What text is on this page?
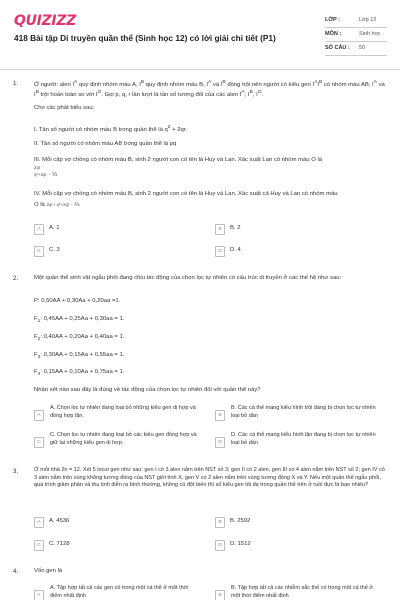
QUIZIZZ
418 Bài tập Di truyền quần thể (Sinh học 12) có lời giải chi tiết (P1)
LỚP :	Lớp 12
MÔN :	Sinh học
SỐ CÂU : 50
1.	Ở người: alen $I^A$ quy định nhóm máu A, $I^B$ quy định nhóm máu B, $I^A$ và $I^B$ đồng trội nên người có kiểu gen $I^AI^B$ có nhóm máu AB; $I^A$ và $I^B$ trội hoàn toàn so với $I^O$. Gọi p, q, r lần lượt là tần số tương đối của các alen $I^A$, $I^B$, $I^O$.
Cho các phát biểu sau:
I. Tần số người có nhóm máu B trong quần thể là $q^2 + 2qr$.
II. Tần số người có nhóm máu AB trong quần thể là pq
III. Mỗi cặp vợ chồng có nhóm máu B, sinh 2 người con có tên là Huy và Lan. Xác suất Lan có nhóm máu O là
2qr
q²+2qr · ¼
IV. Mỗi cặp vợ chồng có nhóm máu B, sinh 2 người con có tên là Huy và Lan. Xác suất cả Huy và Lan có nhóm máu
O là 2qr / q²+2qr · ¼
A	A. 1	B	B. 2
C	C. 3	D	D. 4
2.	Một quần thể sinh vật ngẫu phối đang chịu tác động của chọn lọc tự nhiên có cấu trúc di truyền ở các thế hệ như sau:
P: 0,50AA + 0,30Aa + 0,20aa =1.
$F_1$: 0,45AA + 0,25Aa + 0,30aa = 1.
$F_2$: 0,40AA + 0,20Aa + 0,40aa = 1.
$F_3$: 0,30AA + 0,15Aa + 0,55aa = 1.
$F_4$: 0,15AA + 0,10Aa + 0,75aa = 1.
Nhận xét nào sau đây là đúng về tác động của chọn lọc tự nhiên đối với quần thể này?
A
A. Chọn lọc tự nhiên đang loại bỏ những kiểu gen dị hợp và đồng hợp lặn.	B
B. Các cá thể mang kiểu hình trội đang bị chọn lọc tự nhiên loại bỏ dần
C
C. Chọn lọc tự nhiên đang loại bỏ các kiểu gen đồng hợp và giữ lại những kiểu gen dị hợp.	D
D. Các cá thể mang kiểu hình lặn đang bị chọn lọc tự nhiên loại bỏ dần
3.	Ở mỗi nhà 2n = 12. Xét 5 locut gen như sau: gen I có 3 alen nằm trên NST số 3; gen II có 2 alen, gen III có 4 alen nằm trên NST số 2; gen IV có 3 alen nằm trên vùng không tương đồng của NST giới tính X, gen V có 2 alen nằm trên vùng tương đồng X và Y. Nếu một quần thể ngẫu phối, quá trình giảm phân và thụ tinh diễn ra bình thường, không có đột biến thì số kiểu gen tối đa trong quần thể trên ở ruồi đực là bao nhiêu?
A	A. 4536	B	B. 2592
C	C. 7128	D	D. 1512
4.	Vốn gen là
A
A. Tập hợp tất cả các gen có trong một cá thể ở một thời điểm nhất định	B
B. Tập hợp tất cả các nhiễm sắc thể có trong một cá thể ở một thời điểm nhất định
